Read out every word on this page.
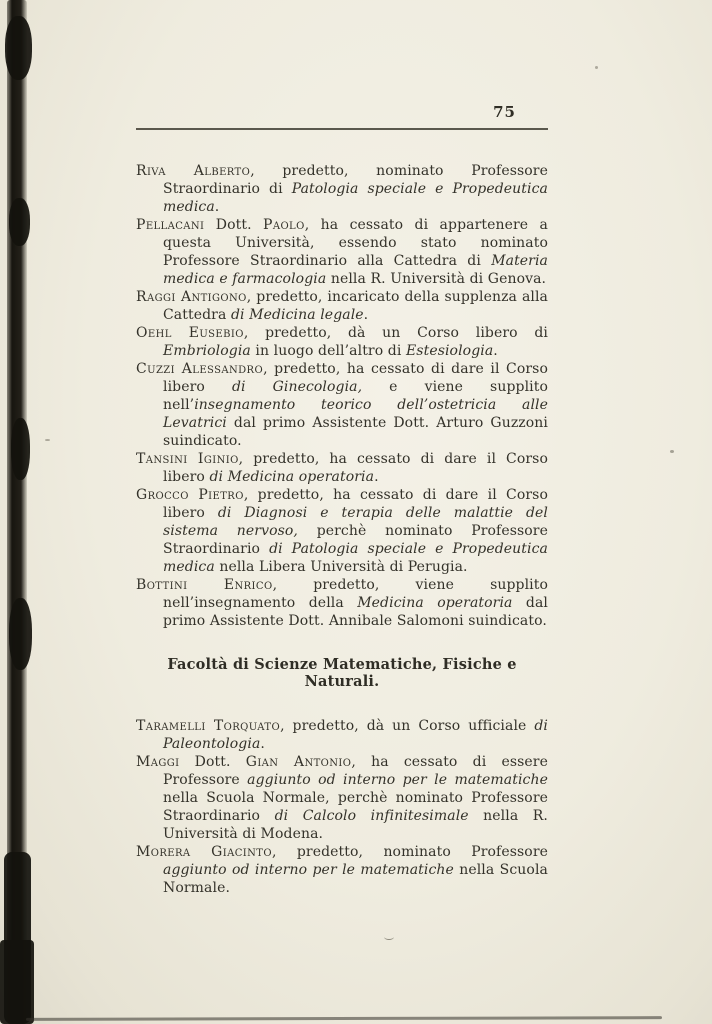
75

Riva Alberto, predetto, nominato Professore Straordinario di Patologia speciale e Propedeutica medica.

Pellacani Dott. Paolo, ha cessato di appartenere a questa Università, essendo stato nominato Professore Straordinario alla Cattedra di Materia medica e farmacologia nella R. Università di Genova.

Raggi Antigono, predetto, incaricato della supplenza alla Cattedra di Medicina legale.

Oehl Eusebio, predetto, dà un Corso libero di Embriologia in luogo dell’altro di Estesiologia.

Cuzzi Alessandro, predetto, ha cessato di dare il Corso libero di Ginecologia, e viene supplito nell’insegnamento teorico dell’ostetricia alle Levatrici dal primo Assistente Dott. Arturo Guzzoni suindicato.

Tansini Iginio, predetto, ha cessato di dare il Corso libero di Medicina operatoria.

Grocco Pietro, predetto, ha cessato di dare il Corso libero di Diagnosi e terapia delle malattie del sistema nervoso, perchè nominato Professore Straordinario di Patologia speciale e Propedeutica medica nella Libera Università di Perugia.

Bottini Enrico, predetto, viene supplito nell’insegnamento della Medicina operatoria dal primo Assistente Dott. Annibale Salomoni suindicato.

Facoltà di Scienze Matematiche, Fisiche e Naturali.

Taramelli Torquato, predetto, dà un Corso ufficiale di Paleontologia.

Maggi Dott. Gian Antonio, ha cessato di essere Professore aggiunto od interno per le matematiche nella Scuola Normale, perchè nominato Professore Straordinario di Calcolo infinitesimale nella R. Università di Modena.

Morera Giacinto, predetto, nominato Professore aggiunto od interno per le matematiche nella Scuola Normale.
